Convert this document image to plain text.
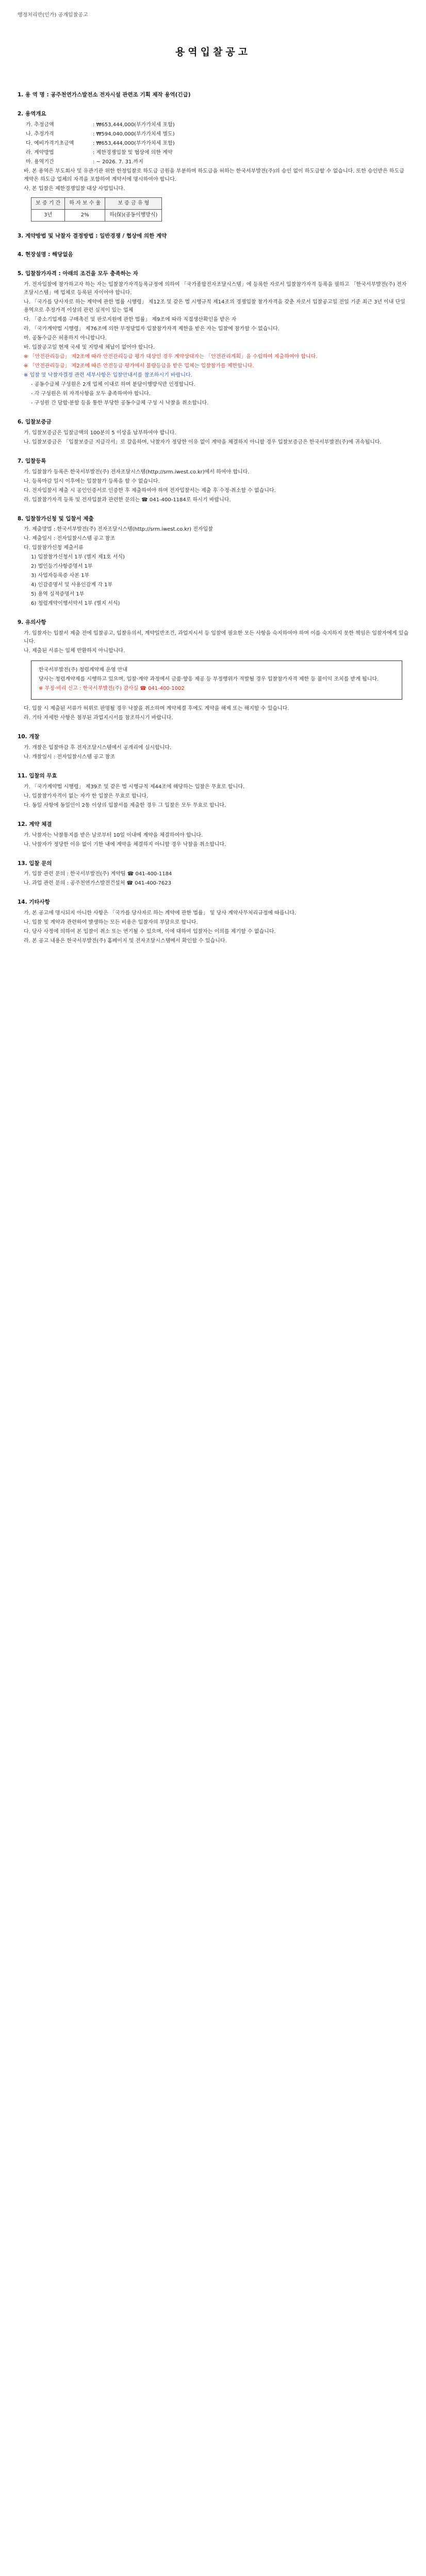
행정처리반(인가) 공개입찰공고
용역입찰공고
1. 용 역 명 : 공주천연가스발전소 전자시설 관련조 기획 제작 용역(긴급)
2. 용역개요
가. 추정금액	: ₩653,444,000(부가가치세 포함)
나. 추정가격	: ₩594,040,000(부가가치세 별도)
다. 예비가격기초금액	: ₩653,444,000(부가가치세 포함)
라. 계약방법	: 제한경쟁입찰 및 협상에 의한 계약
마. 용역기간	: ~ 2026. 7. 31.까지
바. 본 용역은 부도회사 및 유관기관 위한 한정입찰로 하도급 금원을 부분하며 하도급을 허하는 한국서부발전(주)의 승인 없이 하도급할 수 없습니다. 또한 승인받은 하도급 계약은 하도급 업체의 자격을 포함하여 계약서에 명시하여야 합니다.
사. 본 입찰은 제한경쟁입찰 대상 사업입니다.
보 증 기 간	하 자 보 수 율	보 증 금 유 형
3년	2%	하(保)(공동이행방식)
3. 계약방법 및 낙찰자 결정방법 : 일반경쟁 / 협상에 의한 계약
4. 현장설명 : 해당없음
5. 입찰참가자격 : 아래의 조건을 모두 충족하는 자
가. 전자입찰에 참가하고자 하는 자는 입찰참가자격등록규정에 의하여 「국가종합전자조달시스템」에 등록한 자로서 입찰참가자격 등록을 필하고 「한국서부발전(주) 전자조달시스템」에 업체로 등록된 자이어야 합니다.
나. 「국가를 당사자로 하는 계약에 관한 법률 시행령」 제12조 및 같은 법 시행규칙 제14조의 경쟁입찰 참가자격을 갖춘 자로서 입찰공고일 전일 기준 최근 3년 이내 단일 용역으로 추정가격 이상의 관련 실적이 있는 업체
다. 「중소기업제품 구매촉진 및 판로지원에 관한 법률」 제9조에 따라 직접생산확인을 받은 자
라. 「국가계약법 시행령」 제76조에 의한 부정당업자 입찰참가자격 제한을 받은 자는 입찰에 참가할 수 없습니다.
마. 공동수급은 허용하지 아니합니다.
바. 입찰공고일 현재 국세 및 지방세 체납이 없어야 합니다.
※ 「안전관리등급」 제2조에 따라 안전관리등급 평가 대상인 경우 계약상대자는 「안전관리계획」을 수립하여 제출하여야 합니다.
※ 「안전관리등급」 제2조에 따른 안전등급 평가에서 불량등급을 받은 업체는 입찰참가를 제한합니다.
※ 입찰 및 낙찰자결정 관련 세부사항은 입찰안내서를 참조하시기 바랍니다.
- 공동수급체 구성원은 2개 업체 이내로 하며 분담이행방식만 인정합니다.
- 각 구성원은 위 자격사항을 모두 충족하여야 합니다.
- 구성원 간 담합·분할 등을 통한 부당한 공동수급체 구성 시 낙찰을 취소합니다.
6. 입찰보증금
가. 입찰보증금은 입찰금액의 100분의 5 이상을 납부하여야 합니다.
나. 입찰보증금은 「입찰보증금 지급각서」로 갈음하며, 낙찰자가 정당한 이유 없이 계약을 체결하지 아니할 경우 입찰보증금은 한국서부발전(주)에 귀속됩니다.
7. 입찰등록
가. 입찰참가 등록은 한국서부발전(주) 전자조달시스템(http://srm.iwest.co.kr)에서 하여야 합니다.
나. 등록마감 일시 이후에는 입찰참가 등록을 할 수 없습니다.
다. 전자입찰서 제출 시 공인인증서로 인증한 후 제출하여야 하며 전자입찰서는 제출 후 수정·취소할 수 없습니다.
라. 입찰참가자격 등록 및 전자입찰과 관련한 문의는 ☎ 041-400-1184로 하시기 바랍니다.
8. 입찰참가신청 및 입찰서 제출
가. 제출방법 : 한국서부발전(주) 전자조달시스템(http://srm.iwest.co.kr) 전자입찰
나. 제출일시 : 전자입찰시스템 공고 참조
다. 입찰참가신청 제출서류
1) 입찰참가신청서 1부 (별지 제1호 서식)
2) 법인등기사항증명서 1부
3) 사업자등록증 사본 1부
4) 인감증명서 및 사용인감계 각 1부
5) 용역 실적증명서 1부
6) 청렴계약이행서약서 1부 (별지 서식)
9. 유의사항
가. 입찰자는 입찰서 제출 전에 입찰공고, 입찰유의서, 계약일반조건, 과업지시서 등 입찰에 필요한 모든 사항을 숙지하여야 하며 이를 숙지하지 못한 책임은 입찰자에게 있습니다.
나. 제출된 서류는 일체 반환하지 아니합니다.
한국서부발전(주) 청렴계약제 운영 안내
당사는 청렴계약제를 시행하고 있으며, 입찰·계약 과정에서 금품·향응 제공 등 부정행위가 적발될 경우 입찰참가자격 제한 등 불이익 조치를 받게 됩니다.
※ 부정·비리 신고 : 한국서부발전(주) 감사실 ☎ 041-400-1002
다. 입찰 시 제출된 서류가 허위로 판명될 경우 낙찰을 취소하며 계약체결 후에도 계약을 해제 또는 해지할 수 있습니다.
라. 기타 자세한 사항은 첨부된 과업지시서를 참조하시기 바랍니다.
10. 개찰
가. 개찰은 입찰마감 후 전자조달시스템에서 공개리에 실시합니다.
나. 개찰일시 : 전자입찰시스템 공고 참조
11. 입찰의 무효
가. 「국가계약법 시행령」 제39조 및 같은 법 시행규칙 제44조에 해당하는 입찰은 무효로 합니다.
나. 입찰참가자격이 없는 자가 한 입찰은 무효로 합니다.
다. 동일 사항에 동일인이 2통 이상의 입찰서를 제출한 경우 그 입찰은 모두 무효로 합니다.
12. 계약 체결
가. 낙찰자는 낙찰통지를 받은 날로부터 10일 이내에 계약을 체결하여야 합니다.
나. 낙찰자가 정당한 이유 없이 기한 내에 계약을 체결하지 아니할 경우 낙찰을 취소합니다.
13. 입찰 문의
가. 입찰 관련 문의 : 한국서부발전(주) 계약팀 ☎ 041-400-1184
나. 과업 관련 문의 : 공주천연가스발전건설처 ☎ 041-400-7623
14. 기타사항
가. 본 공고에 명시되지 아니한 사항은 「국가를 당사자로 하는 계약에 관한 법률」 및 당사 계약사무처리규정에 따릅니다.
나. 입찰 및 계약과 관련하여 발생하는 모든 비용은 입찰자의 부담으로 합니다.
다. 당사 사정에 의하여 본 입찰이 취소 또는 연기될 수 있으며, 이에 대하여 입찰자는 이의를 제기할 수 없습니다.
라. 본 공고 내용은 한국서부발전(주) 홈페이지 및 전자조달시스템에서 확인할 수 있습니다.
